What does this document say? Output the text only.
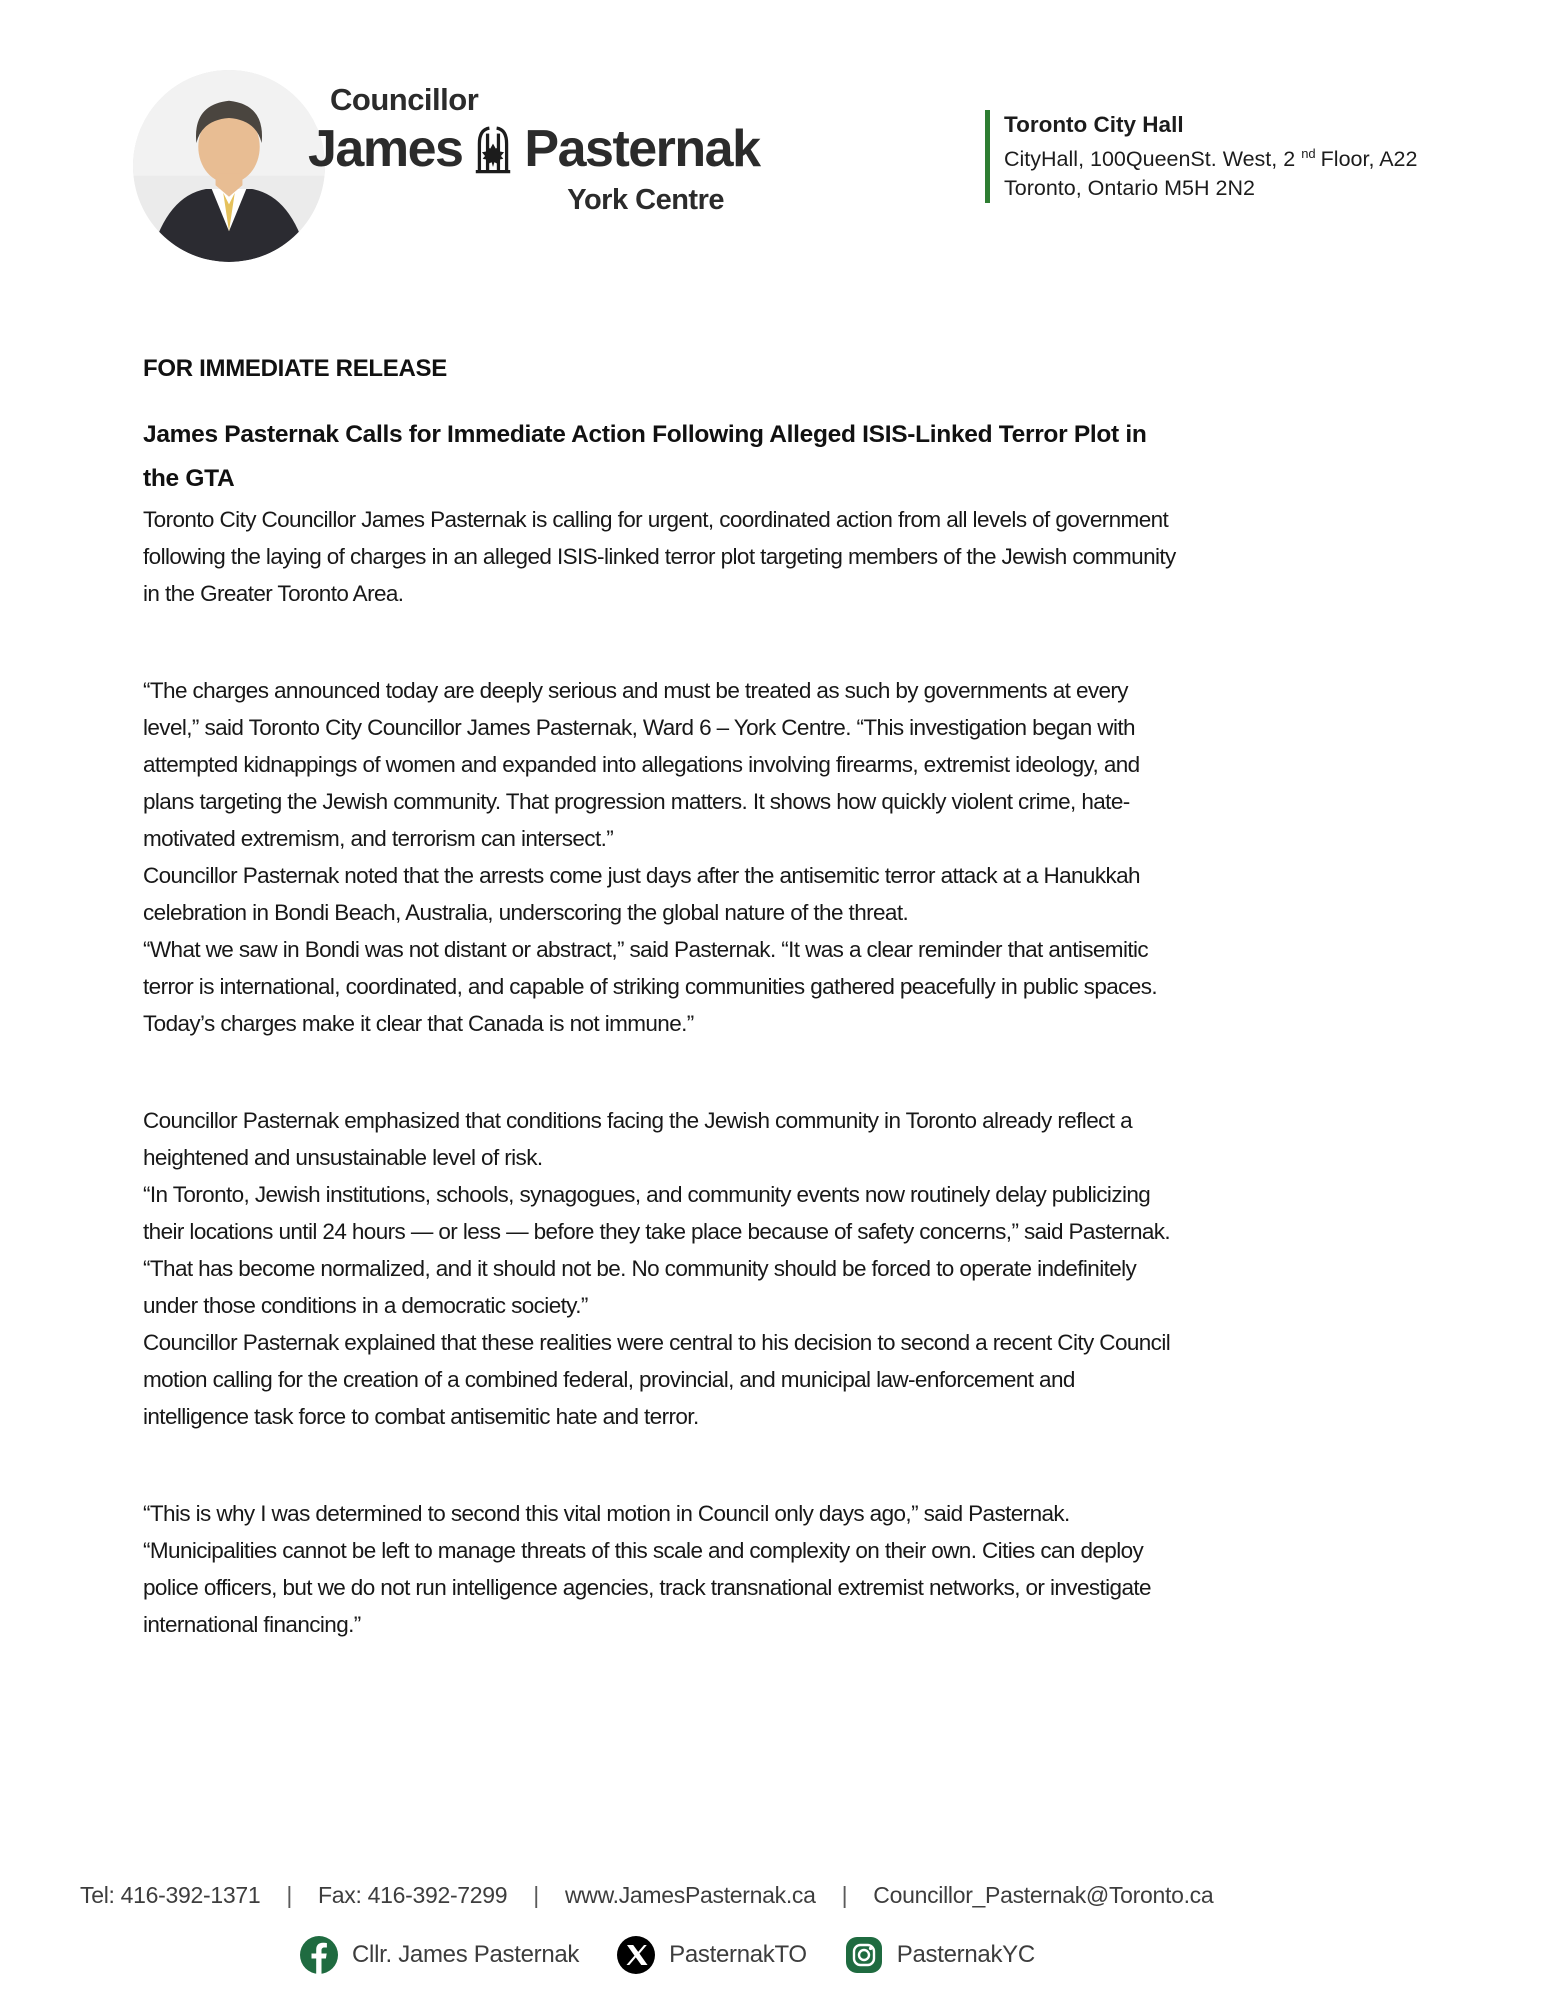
Councillor
James Pasternak
York Centre
Toronto City Hall
CityHall, 100QueenSt. West, 2 $^{nd}$ Floor, A22
Toronto, Ontario M5H 2N2
FOR IMMEDIATE RELEASE
James Pasternak Calls for Immediate Action Following Alleged ISIS-Linked Terror Plot in the GTA

Toronto City Councillor James Pasternak is calling for urgent, coordinated action from all levels of government following the laying of charges in an alleged ISIS-linked terror plot targeting members of the Jewish community in the Greater Toronto Area.

“The charges announced today are deeply serious and must be treated as such by governments at every level,” said Toronto City Councillor James Pasternak, Ward 6 – York Centre. “This investigation began with attempted kidnappings of women and expanded into allegations involving firearms, extremist ideology, and plans targeting the Jewish community. That progression matters. It shows how quickly violent crime, hate-motivated extremism, and terrorism can intersect.”

Councillor Pasternak noted that the arrests come just days after the antisemitic terror attack at a Hanukkah celebration in Bondi Beach, Australia, underscoring the global nature of the threat.

“What we saw in Bondi was not distant or abstract,” said Pasternak. “It was a clear reminder that antisemitic terror is international, coordinated, and capable of striking communities gathered peacefully in public spaces. Today’s charges make it clear that Canada is not immune.”

Councillor Pasternak emphasized that conditions facing the Jewish community in Toronto already reflect a heightened and unsustainable level of risk.

“In Toronto, Jewish institutions, schools, synagogues, and community events now routinely delay publicizing their locations until 24 hours — or less — before they take place because of safety concerns,” said Pasternak. “That has become normalized, and it should not be. No community should be forced to operate indefinitely under those conditions in a democratic society.”

Councillor Pasternak explained that these realities were central to his decision to second a recent City Council motion calling for the creation of a combined federal, provincial, and municipal law-enforcement and intelligence task force to combat antisemitic hate and terror.

“This is why I was determined to second this vital motion in Council only days ago,” said Pasternak. “Municipalities cannot be left to manage threats of this scale and complexity on their own. Cities can deploy police officers, but we do not run intelligence agencies, track transnational extremist networks, or investigate international financing.”

Tel: 416-392-1371 | Fax: 416-392-7299 | www.JamesPasternak.ca | Councillor_Pasternak@Toronto.ca
Cllr. James Pasternak	PasternakTO	PasternakYC
